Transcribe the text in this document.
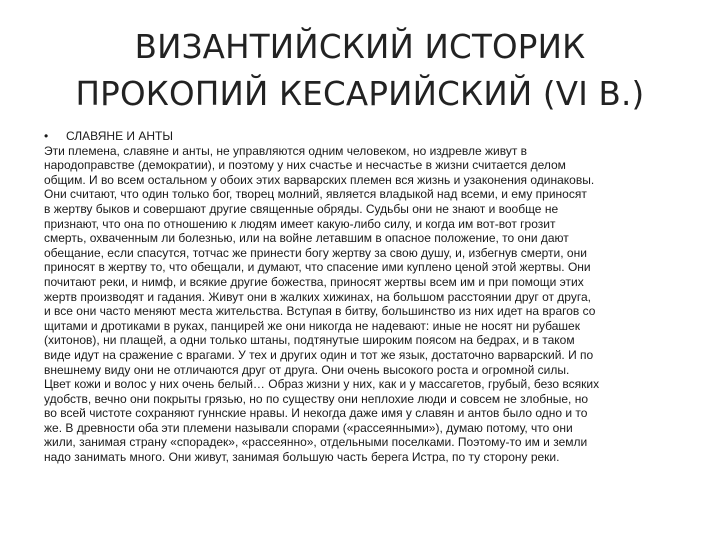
ВИЗАНТИЙСКИЙ ИСТОРИК
ПРОКОПИЙ КЕСАРИЙСКИЙ (VI В.)
• СЛАВЯНЕ И АНТЫ

Эти племена, славяне и анты, не управляются одним человеком, но издревле живут в
народоправстве (демократии), и поэтому у них счастье и несчастье в жизни считается делом
общим. И во всем остальном у обоих этих варварских племен вся жизнь и узаконения одинаковы.
Они считают, что один только бог, творец молний, является владыкой над всеми, и ему приносят
в жертву быков и совершают другие священные обряды. Судьбы они не знают и вообще не
признают, что она по отношению к людям имеет какую-либо силу, и когда им вот-вот грозит
смерть, охваченным ли болезнью, или на войне летавшим в опасное положение, то они дают
обещание, если спасутся, тотчас же принести богу жертву за свою душу, и, избегнув смерти, они
приносят в жертву то, что обещали, и думают, что спасение ими куплено ценой этой жертвы. Они
почитают реки, и нимф, и всякие другие божества, приносят жертвы всем им и при помощи этих
жертв производят и гадания. Живут они в жалких хижинах, на большом расстоянии друг от друга,
и все они часто меняют места жительства. Вступая в битву, большинство из них идет на врагов со
щитами и дротиками в руках, панцирей же они никогда не надевают: иные не носят ни рубашек
(хитонов), ни плащей, а одни только штаны, подтянутые широким поясом на бедрах, и в таком
виде идут на сражение с врагами. У тех и других один и тот же язык, достаточно варварский. И по
внешнему виду они не отличаются друг от друга. Они очень высокого роста и огромной силы.
Цвет кожи и волос у них очень белый… Образ жизни у них, как и у массагетов, грубый, безо всяких
удобств, вечно они покрыты грязью, но по существу они неплохие люди и совсем не злобные, но
во всей чистоте сохраняют гуннские нравы. И некогда даже имя у славян и антов было одно и то
же. В древности оба эти племени называли спорами («рассеянными»), думаю потому, что они
жили, занимая страну «спорадек», «рассеянно», отдельными поселками. Поэтому-то им и земли
надо занимать много. Они живут, занимая большую часть берега Истра, по ту сторону реки.
